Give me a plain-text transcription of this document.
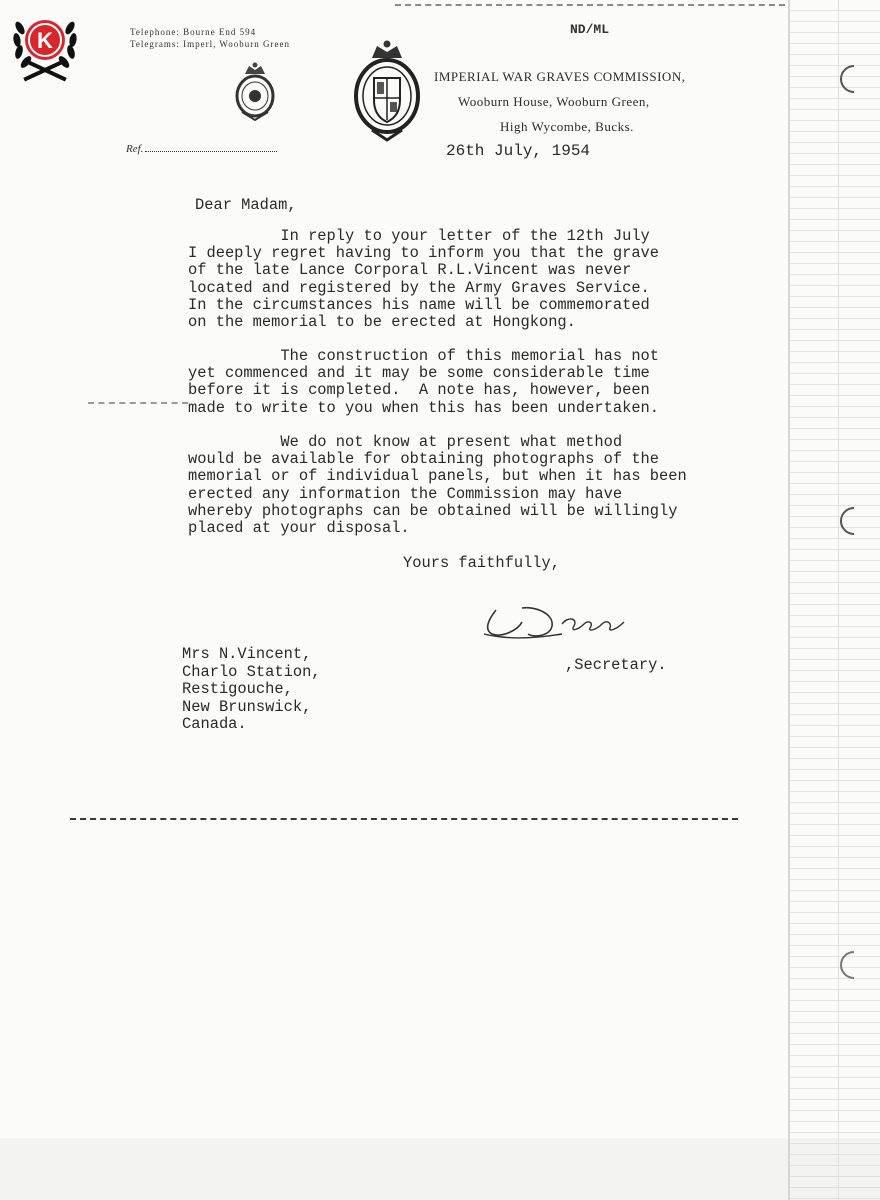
K	Telephone: Bourne End 594
Telegrams: Imperl, Wooburn Green
ND/ML
IMPERIAL WAR GRAVES COMMISSION,
Wooburn House, Wooburn Green,
High Wycombe, Bucks.
Ref.	26th July, 1954
Dear Madam,
In reply to your letter of the 12th July
I deeply regret having to inform you that the grave
of the late Lance Corporal R.L.Vincent was never
located and registered by the Army Graves Service.
In the circumstances his name will be commemorated
on the memorial to be erected at Hongkong.
The construction of this memorial has not
yet commenced and it may be some considerable time
before it is completed.  A note has, however, been
made to write to you when this has been undertaken.
We do not know at present what method
would be available for obtaining photographs of the
memorial or of individual panels, but when it has been
erected any information the Commission may have
whereby photographs can be obtained will be willingly
placed at your disposal.
Yours faithfully,
,Secretary.
Mrs N.Vincent,
Charlo Station,
Restigouche,
New Brunswick,
Canada.
